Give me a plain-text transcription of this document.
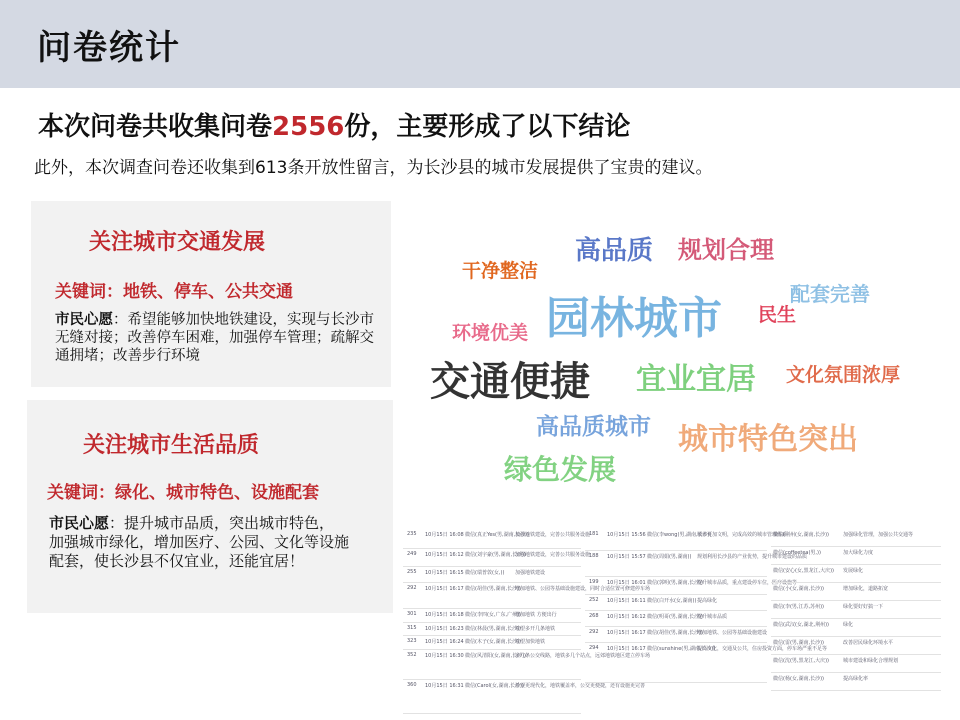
问卷统计
本次问卷共收集问卷2556份，主要形成了以下结论
此外，本次调查问卷还收集到613条开放性留言，为长沙县的城市发展提供了宝贵的建议。
关注城市交通发展
关键词：地铁、停车、公共交通
市民心愿：希望能够加快地铁建设，实现与长沙市无缝对接；改善停车困难，加强停车管理；疏解交通拥堵；改善步行环境
关注城市生活品质
关键词：绿化、城市特色、设施配套
市民心愿：提升城市品质，突出城市特色，加强城市绿化，增加医疗、公园、文化等设施配套，使长沙县不仅宜业，还能宜居！
高品质 规划合理
干净整洁
配套完善
园林城市 民生
环境优美
交通便捷 宜业宜居 文化氛围浓厚
高品质城市 城市特色突出
绿色发展
235 10月15日 16:08 微信(真正Yes(男,湖南,长沙))
加强地铁建设，完善公共服务设施
249 10月15日 16:12 微信(刘宇豪(男,湖南,长沙))
加强地铁建设，完善公共服务设施
255 10月15日 16:15 微信(瑞普敦(女,)) 加强地铁建设
292 10月15日 16:17 微信(胡佳(男,湖南,长沙))
增加地铁、公园等基础设施建设，同时合适位置可修建停车场
301 10月15日 16:18 微信(李四(女,广东,广州))
增加地铁 方便出行
315 10月15日 16:23 微信(林晨(男,湖南,长沙))
希望多开几条地铁
323 10月15日 16:24 微信(木子(女,湖南,长沙))
希望加快地铁
352 10月15日 16:30 微信(风清阳(女,湖南,长沙))
多几条公交线路，地铁多几个站点，远郊地铁地区建立停车场
360 10月15日 16:31 微信(Carol(女,湖南,长沙))
希望更现代化，地铁覆盖率，公交更便捷，还有设施更完善
181 10月15日 15:56 微信(李wong(男,湖南,长沙))
城市更加文明，完成高效的城市管理体系
188 10月15日 15:57 微信(周娟(男,湖南)) 规划利用长沙县的产业优势，提升城市建设的品质
199 10月15日 16:01 微信(郭明(男,湖南,长沙))
提升城市品质，重点建设停车位，医疗设施等
252 10月15日 16:11 微信(白开水(女,湖南)) 提高绿化
268 10月15日 16:12 微信(明哥(男,湖南,长沙))
提升城市品质
292 10月15日 16:17 微信(胡佳(男,湖南,长沙))
增加地铁、公园等基础设施建设
294 10月15日 16:17 微信(sunshine(男,湖南,长沙))
提高文化，交通及公共，住房投资方面，停车场严重不足等
微信(荆州(女,湖南,长沙))	加强绿化管理，加强公共交通等
微信(coffeetea(男,))	加大绿化力度
微信(安心(女,黑龙江,大庆)) 发展绿化
微信(小(女,湖南,长沙))	增加绿化，道路拓宽
微信(李(男,江苏,苏州))	绿化要好好搞一下
微信(武汉(女,湖北,荆州))	绿化
微信(雷(男,湖南,长沙))	改善居民绿化环境水平
微信(沈(男,黑龙江,大庆))	城市建设和绿化合理规划
微信(杨(女,湖南,长沙))	提高绿化率
